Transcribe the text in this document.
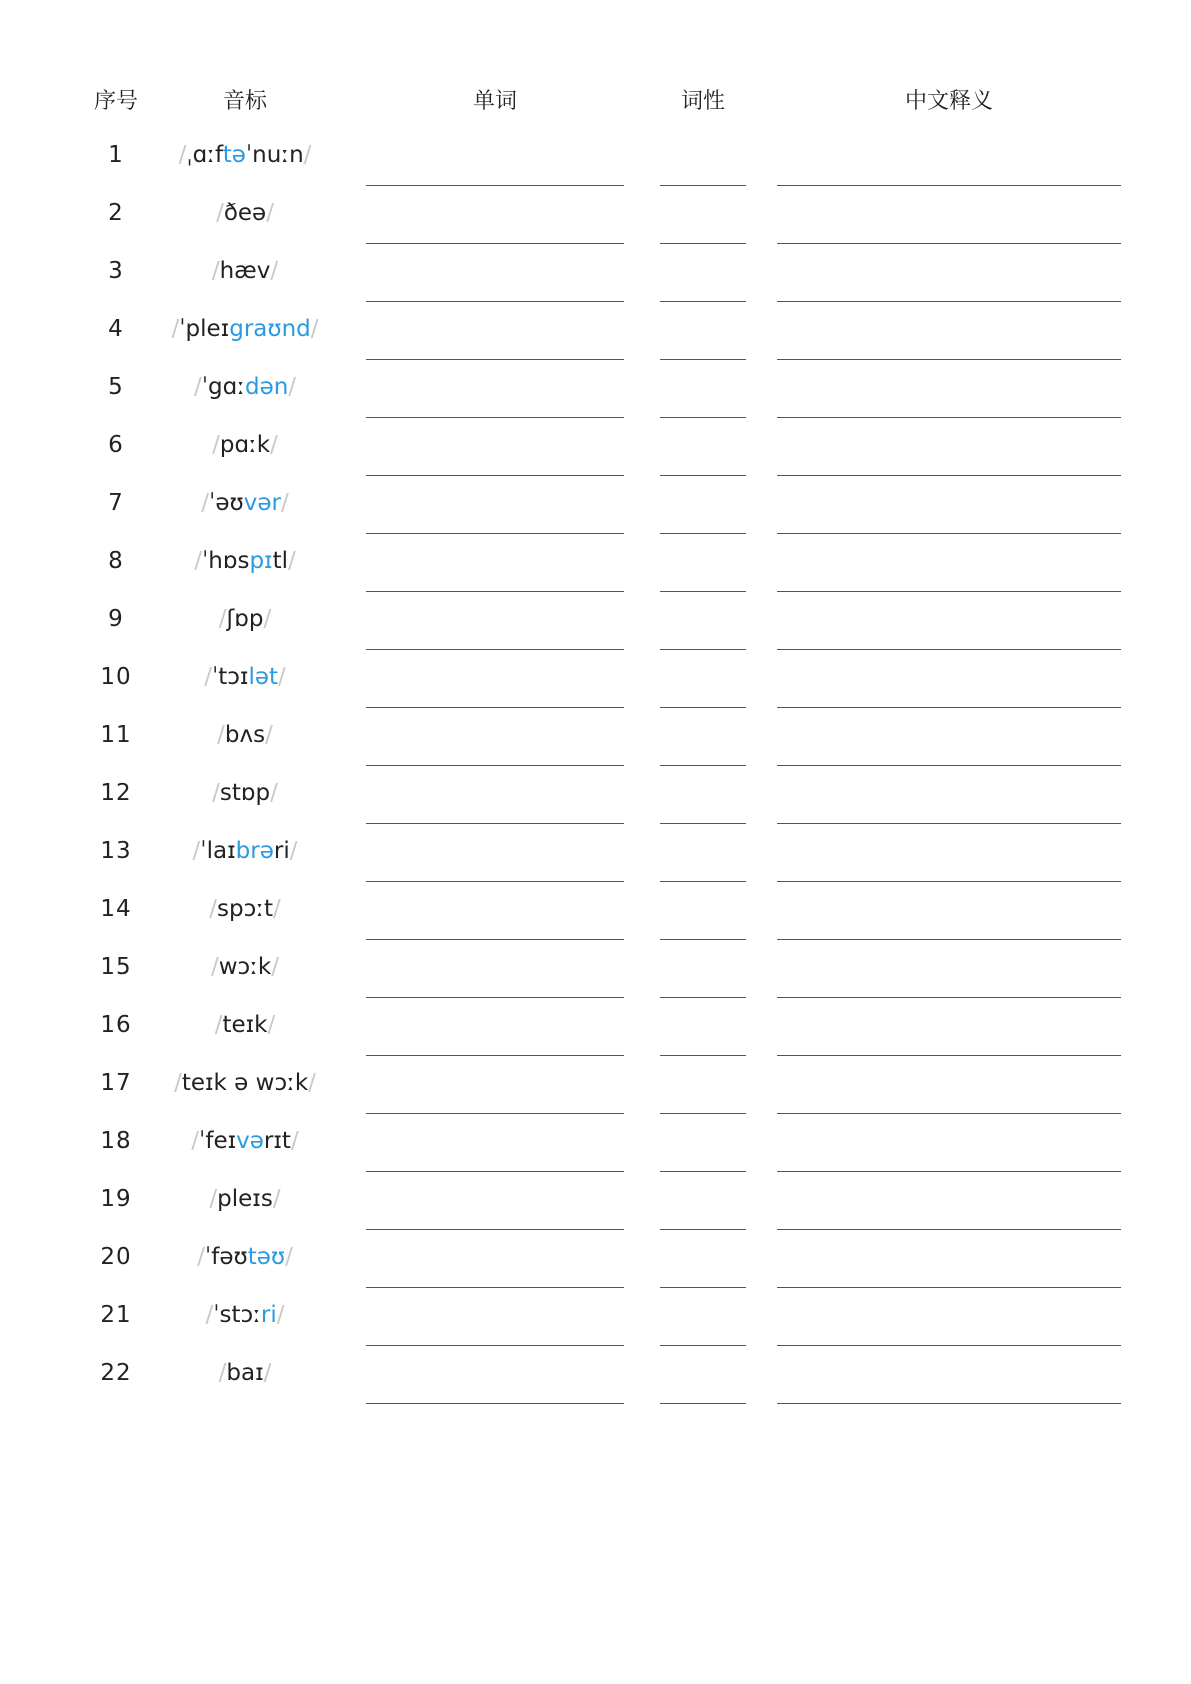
序号	音标	单词	词性	中文释义
1	/ˌɑːftəˈnuːn/
2	/ðeə/
3	/hæv/
4	/ˈpleɪgraʊnd/
5	/ˈgɑːdən/
6	/pɑːk/
7	/ˈəʊvər/
8	/ˈhɒspɪtl/
9	/ʃɒp/
10	/ˈtɔɪlət/
11	/bʌs/
12	/stɒp/
13	/ˈlaɪbrəri/
14	/spɔːt/
15	/wɔːk/
16	/teɪk/
17	/teɪk ə wɔːk/
18	/ˈfeɪvərɪt/
19	/pleɪs/
20	/ˈfəʊtəʊ/
21	/ˈstɔːri/
22	/baɪ/
